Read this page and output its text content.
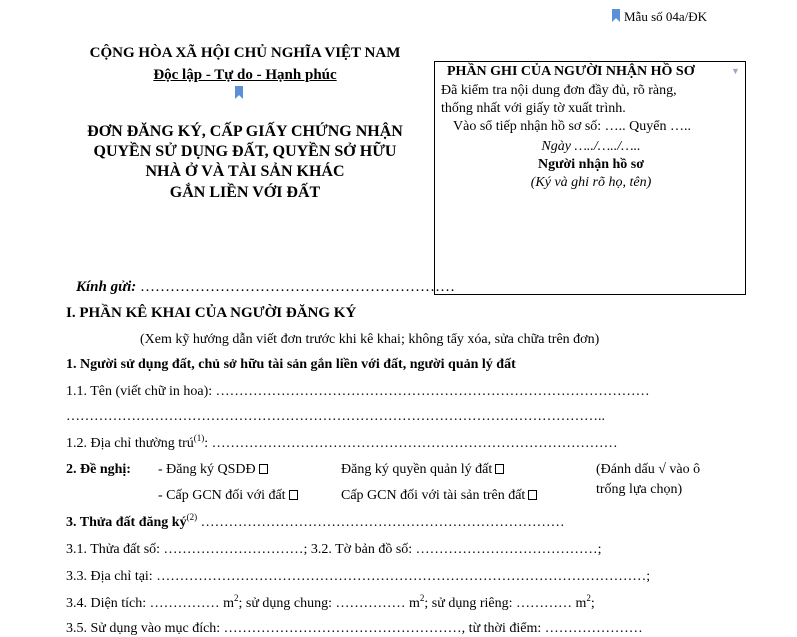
Mẫu số 04a/ĐK
CỘNG HÒA XÃ HỘI CHỦ NGHĨA VIỆT NAM
Độc lập - Tự do - Hạnh phúc
ĐƠN ĐĂNG KÝ, CẤP GIẤY CHỨNG NHẬN
QUYỀN SỬ DỤNG ĐẤT, QUYỀN SỞ HỮU
NHÀ Ở VÀ TÀI SẢN KHÁC
GẮN LIỀN VỚI ĐẤT
PHẦN GHI CỦA NGƯỜI NHẬN HỒ SƠ	▼
Đã kiểm tra nội dung đơn đầy đủ, rõ ràng,
thống nhất với giấy tờ xuất trình.
Vào sổ tiếp nhận hồ sơ số: ….. Quyển …..
Ngày …../…../…..
Người nhận hồ sơ
(Ký và ghi rõ họ, tên)
Kính gửi: ………………………………………………………
I. PHẦN KÊ KHAI CỦA NGƯỜI ĐĂNG KÝ
(Xem kỹ hướng dẫn viết đơn trước khi kê khai; không tẩy xóa, sửa chữa trên đơn)
1. Người sử dụng đất, chủ sở hữu tài sản gắn liền với đất, người quản lý đất
1.1. Tên (viết chữ in hoa): …………………………………………………………………………………
……………………………………………………………………………………………………..
1.2. Địa chỉ thường trú$^{(1)}$: ……………………………………………………………………………
2. Đề nghị: - Đăng ký QSDĐ	Đăng ký quyền quản lý đất
- Cấp GCN đối với đất	Cấp GCN đối với tài sản trên đất
(Đánh dấu √ vào ô
trống lựa chọn)
3. Thửa đất đăng $ký^{(2)}$ ……………………………………………………………………
3.1. Thửa đất số: …………………………; 3.2. Tờ bản đồ số: …………………………………;
3.3. Địa chỉ tại: ……………………………………………………………………………………………;
3.4. Diện tích: …………… $m^2$; sử dụng chung: …………… $m^2$; sử dụng riêng: ………… $m^2$;
3.5. Sử dụng vào mục đích: ……………………………………………, từ thời điểm: …………………
